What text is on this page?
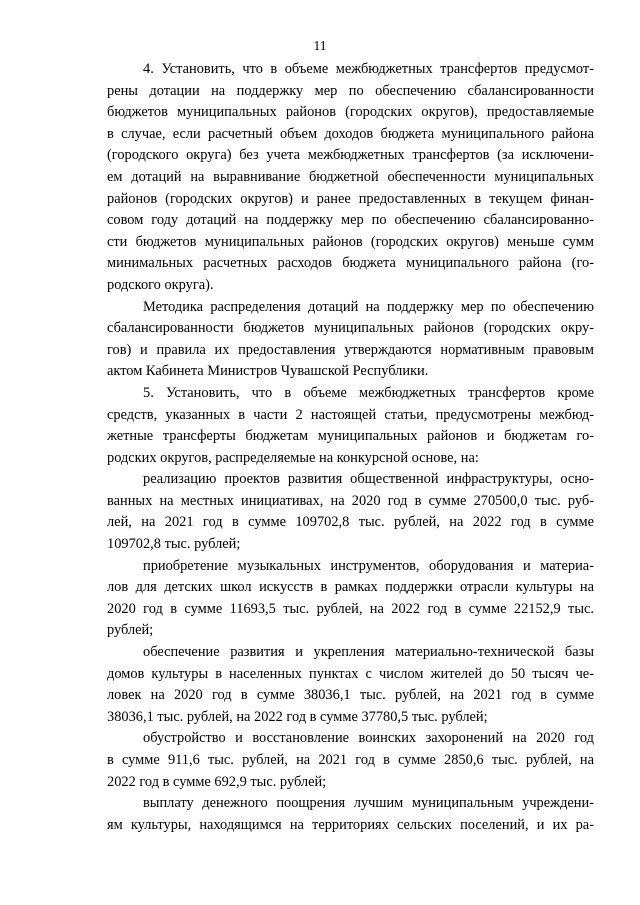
11

4. Установить, что в объеме межбюджетных трансфертов предусмот-
рены дотации на поддержку мер по обеспечению сбалансированности
бюджетов муниципальных районов (городских округов), предоставляемые
в случае, если расчетный объем доходов бюджета муниципального района
(городского округа) без учета межбюджетных трансфертов (за исключени-
ем дотаций на выравнивание бюджетной обеспеченности муниципальных
районов (городских округов) и ранее предоставленных в текущем финан-
совом году дотаций на поддержку мер по обеспечению сбалансированно-
сти бюджетов муниципальных районов (городских округов) меньше сумм
минимальных расчетных расходов бюджета муниципального района (го-
родского округа).

Методика распределения дотаций на поддержку мер по обеспечению
сбалансированности бюджетов муниципальных районов (городских окру-
гов) и правила их предоставления утверждаются нормативным правовым
актом Кабинета Министров Чувашской Республики.

5. Установить, что в объеме межбюджетных трансфертов кроме
средств, указанных в части 2 настоящей статьи, предусмотрены межбюд-
жетные трансферты бюджетам муниципальных районов и бюджетам го-
родских округов, распределяемые на конкурсной основе, на:

реализацию проектов развития общественной инфраструктуры, осно-
ванных на местных инициативах, на 2020 год в сумме 270500,0 тыс. руб-
лей, на 2021 год в сумме 109702,8 тыс. рублей, на 2022 год в сумме
109702,8 тыс. рублей;

приобретение музыкальных инструментов, оборудования и материа-
лов для детских школ искусств в рамках поддержки отрасли культуры на
2020 год в сумме 11693,5 тыс. рублей, на 2022 год в сумме 22152,9 тыс.
рублей;

обеспечение развития и укрепления материально-технической базы
домов культуры в населенных пунктах с числом жителей до 50 тысяч че-
ловек на 2020 год в сумме 38036,1 тыс. рублей, на 2021 год в сумме
38036,1 тыс. рублей, на 2022 год в сумме 37780,5 тыс. рублей;

обустройство и восстановление воинских захоронений на 2020 год
в сумме 911,6 тыс. рублей, на 2021 год в сумме 2850,6 тыс. рублей, на
2022 год в сумме 692,9 тыс. рублей;

выплату денежного поощрения лучшим муниципальным учреждени-
ям культуры, находящимся на территориях сельских поселений, и их ра-
